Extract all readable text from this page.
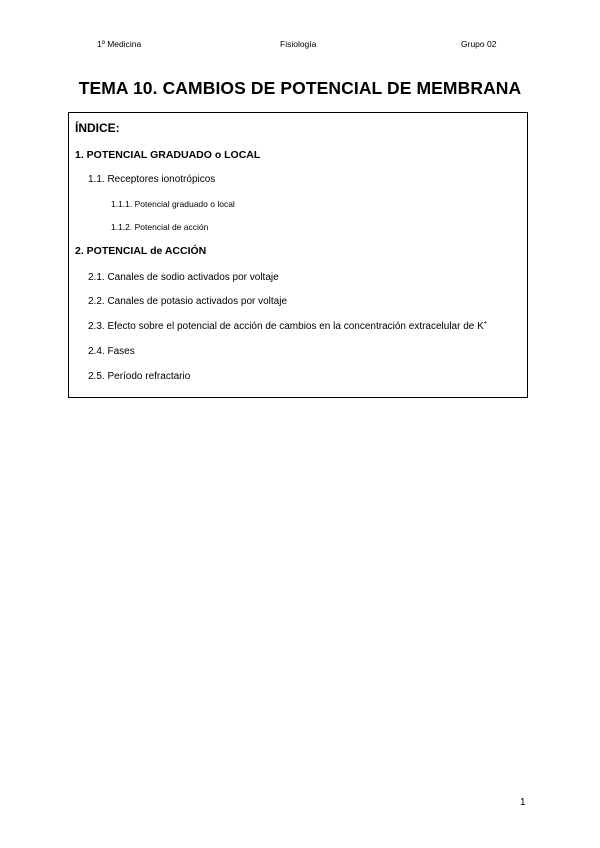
1º Medicina	Fisiología	Grupo 02
TEMA 10. CAMBIOS DE POTENCIAL DE MEMBRANA
ÍNDICE:
1. POTENCIAL GRADUADO o LOCAL
1.1. Receptores ionotrópicos
1.1.1. Potencial graduado o local
1.1.2. Potencial de acción
2. POTENCIAL de ACCIÓN
2.1. Canales de sodio activados por voltaje
2.2. Canales de potasio activados por voltaje
2.3. Efecto sobre el potencial de acción de cambios en la concentración extracelular de K+
2.4. Fases
2.5. Período refractario
1
